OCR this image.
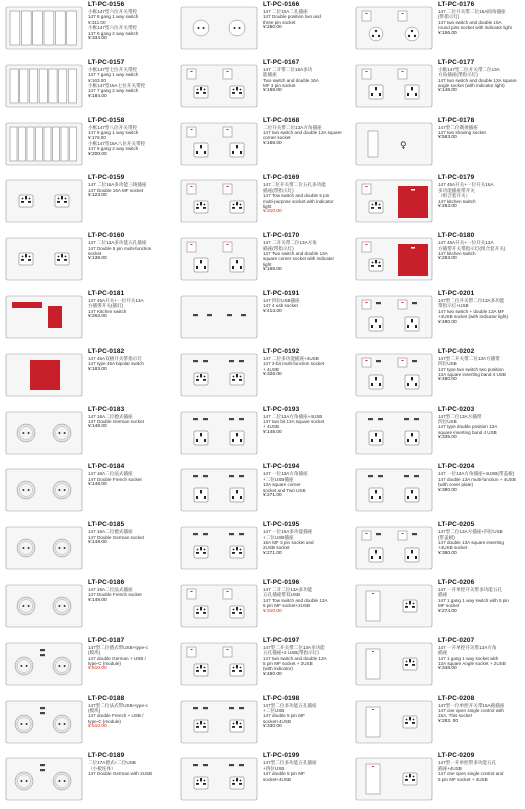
LT-PC-0156
小框147型六位开关带控
147 6 gang 1 way switch
¥:311.00
小框147型六位开关带控
147 6 gang 2 way switch
¥:334.00
LT-PC-0157
小框147型七位开关带控
147 7 gang 1 way switch
¥:163.00
小框147型16A七位开关带控
147 7 gang 2 way switch
¥:184.00
LT-PC-0158
小框147型八位开关带控
147 8 gang 1 way switch
¥:176.00
小框147型16A八位开关带控
147 8 gang 2 way switch
¥:200.00
LT-PC-0159
147 二位16A多功能三线插座
147 Double 16A MF socket
¥:123.00
LT-PC-0160
147 二位13A多功能五孔插座
147 Double 5 pin multi-function
socket
¥:138.00
LT-PC-0181
147 45A开关+一位开关13A
方插带开关(插灯)
147 Kitchen switch
¥:263.00
LT-PC-0182
147 45A双极开关带指示灯
147 type 45A bipolar switch
¥:183.00
LT-PC-0183
147 16A二位德式插座
147 Double German socket
¥:148.00
LT-PC-0184
147 16A二位法式插座
147 Double French socket
¥:148.00
LT-PC-0185
147 16A二位德式插座
147 Double German socket
¥:148.00
LT-PC-0186
147 16A二位法式插座
147 Double French socket
¥:148.00
LT-PC-0187
147型二位德式带USB+type-c
(模块)
147 double German + USB /
type-C (module)
¥:510.00
LT-PC-0188
147型二位法式带USB+type-c
(模块)
147 double French + USB /
type-C (module)
¥:510.00
LT-PC-0189
二位17A德式+二位USB
（小板连体）
147 Double German with 2USB
LT-PC-0166
147 二位10A二孔插座
147 Double position two and
three pin socket
¥:250.00
LT-PC-0167
147 二开带二位16A多功
能插座
Two switch and double 16A
MF 3 pin socket
¥:168.00
LT-PC-0168
二位开关带二位13A方角插座
147 two switch and double 13A square
corner socket
¥:168.00
LT-PC-0169
147二位开关带二位五孔多功能
插座(带指示灯)
147 Tow switch and double 5 pin
multi-purpose socket with indicator
light
¥:310.00
LT-PC-0170
147 二开关带二位13A方角
插座(带指示灯)
147 Two switch and double 13A
square corner socket with indicator
light
¥:168.00
LT-PC-0191
147 四位USB插座
147 4 usb socket
¥:413.00
LT-PC-0192
147 二位多功能插座+4USB
147 2-bit multi-function socket
+ 4USB
¥:326.00
LT-PC-0193
147 二位13A方角插座+4USB
147 two bit 13A square socket
+ 4USB
¥:148.00
LT-PC-0194
147 一位13A方角插座
+二位USB插座
13A square corner
socket and Two USB
¥:271.00
LT-PC-0195
147 一位16A多功能插座
+二位USB插座
16A MF 3 pin socket and
2USB socket
¥:271.00
LT-PC-0196
147 二开二位13A多功能
五孔插座带双USB
147 Tow switch and double 13A
5 pin MF socket+2USB
¥:310.00
LT-PC-0197
147型二开关带二位13A多功能
五孔插座+2 USB(带指示灯)
147 two switch and double 13A
5 pin MF socket + 2USB
(with indicator)
¥:460.00
LT-PC-0198
147型二位多功能五孔插座
+二位USB
147 double 5 pin MF
socket+4USB
¥:330.00
LT-PC-0199
147型二位多功能五孔插座
+四位USB
147 double 5 pin MF
socket+4USB
LT-PC-0176
147 二位开关带二位15A圆角插座
(带指示灯)
147 two switch and double 15A
round pins socket with indicator light
¥:156.00
LT-PC-0177
小框147型二位开关带二位13A
方角插座(带指示灯)
147 two switch and double 13A square
angle socket (with indicator light)
¥:146.00
♀
LT-PC-0178
147型二位剃须插座
147 two shaving socket
¥:563.00
LT-PC-0179
147 45A开关+一位开关16A
多功能插座带开关
（组合套开关）
147 kitchen switch
¥:263.00
LT-PC-0180
147 45A开关+一位开关13A
方插带开关带指示灯(组合套开关)
147 kitchen switch
¥:263.00
LT-PC-0201
147型二位开关带二位13A多功能
带指示灯+USB
147 two switch + double 13A MF
+4USB socket (with indicator light)
¥:480.00
LT-PC-0202
147型二开关带二位13A方插带
四位USB
147 type two switch two position
13A square inserting band 4 USB
¥:480.00
LT-PC-0203
147型二位13A方插带
四位USB
147 type double position 13A
square inserting band 4 USB
¥:335.00
LT-PC-0204
147 一位13A方角插座+4USB(带盖板)
147 double 13A multi-function + 4USB
(with cover plate)
¥:380.00
LT-PC-0205
147型二位13A方插座+四位USB
(带盖板)
147 double 13A square inserting
+4USB socket
¥:380.00
LT-PC-0206
147 一开单控开关带多功能五孔
插座
147 1 gang 1 way switch with 5 pin
MF socket
¥:274.00
LT-PC-0207
147 一开单控开关带13A方角
插座
147 1 gang 1 way socket with
13A square Angle socket + 2USB
¥:348.00
LT-PC-0208
147型一位单控开关带15A圆插座
147 one open single control with
15A. This socket
¥:283. 00
LT-PC-0209
147型一开单控带多功能五孔
插座+4USB
147 one open single control and
5 pin MF socket + 4USB
